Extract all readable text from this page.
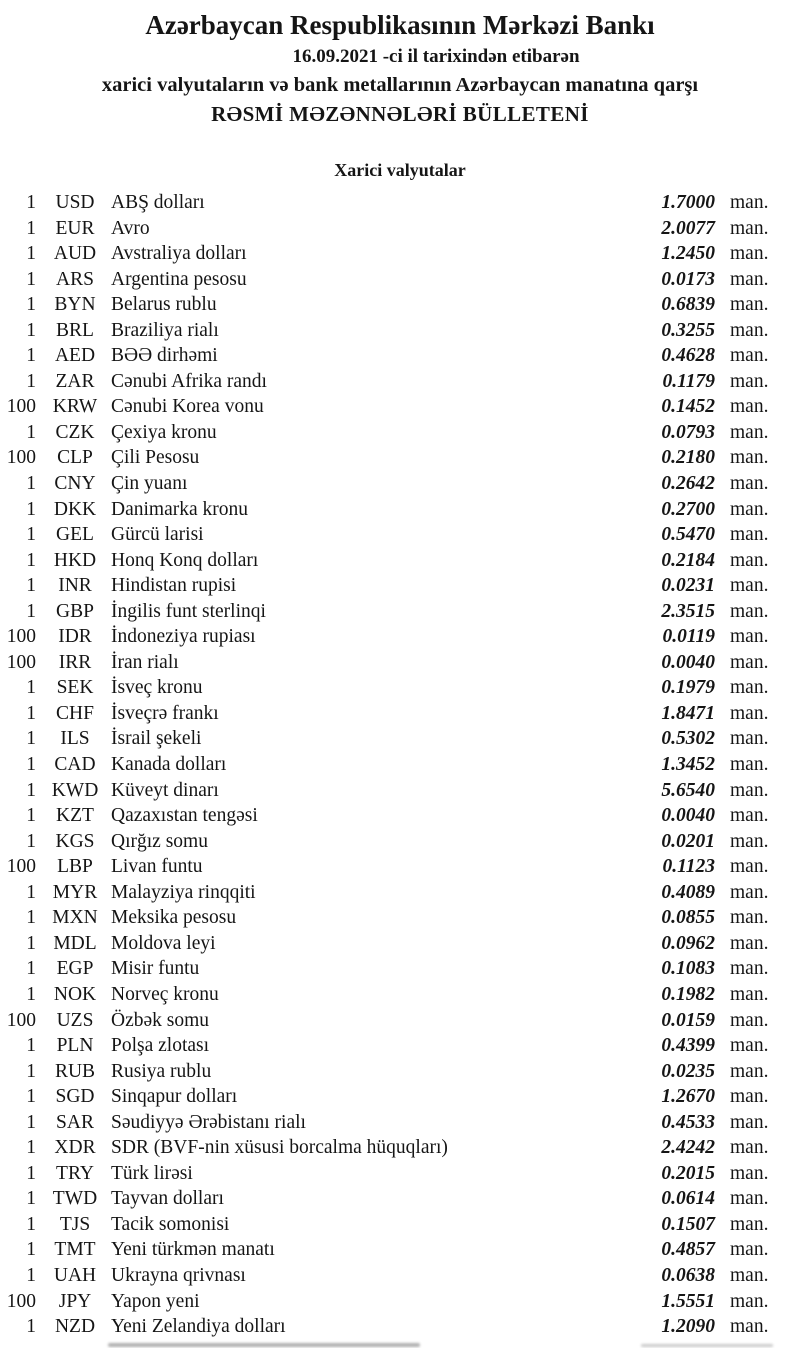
Azərbaycan Respublikasının Mərkəzi Bankı
16.09.2021 -ci il tarixindən etibarən
xarici valyutaların və bank metallarının Azərbaycan manatına qarşı
RƏSMİ MƏZƏNNƏLƏRİ BÜLLETENİ
Xarici valyutalar
1 USD ABŞ dolları	1.7000 man.
1	EUR Avro	2.0077 man.
1 AUD Avstraliya dolları	1.2450 man.
1	ARS Argentina pesosu	0.0173 man.
1 BYN Belarus rublu	0.6839 man.
1	BRL Braziliya rialı	0.3255 man.
1 AED BƏƏ dirhəmi	0.4628 man.
1	ZAR Cənubi Afrika randı	0.1179 man.
100 KRW Cənubi Korea vonu	0.1452 man.
1	CZK Çexiya kronu	0.0793 man.
100	CLP Çili Pesosu	0.2180 man.
1 CNY Çin yuanı	0.2642 man.
1 DKK Danimarka kronu	0.2700 man.
1	GEL Gürcü larisi	0.5470 man.
1 HKD Honq Konq dolları	0.2184 man.
1	INR Hindistan rupisi	0.0231 man.
1	GBP İngilis funt sterlinqi	2.3515 man.
100	IDR İndoneziya rupiası	0.0119 man.
100	IRR	İran rialı	0.0040 man.
1	SEK İsveç kronu	0.1979 man.
1	CHF İsveçrə frankı	1.8471 man.
1	ILS	İsrail şekeli	0.5302 man.
1 CAD Kanada dolları	1.3452 man.
1 KWD Küveyt dinarı	5.6540 man.
1	KZT Qazaxıstan tengəsi	0.0040 man.
1 KGS Qırğız somu	0.0201 man.
100	LBP Livan funtu	0.1123 man.
1 MYR Malayziya rinqqiti	0.4089 man.
1 MXN Meksika pesosu	0.0855 man.
1 MDL Moldova leyi	0.0962 man.
1	EGP Misir funtu	0.1083 man.
1 NOK Norveç kronu	0.1982 man.
100	UZS Özbək somu	0.0159 man.
1	PLN Polşa zlotası	0.4399 man.
1 RUB Rusiya rublu	0.0235 man.
1 SGD Sinqapur dolları	1.2670 man.
1	SAR Səudiyyə Ərəbistanı rialı	0.4533 man.
1 XDR SDR (BVF-nin xüsusi borcalma hüquqları)	2.4242 man.
1	TRY Türk lirəsi	0.2015 man.
1 TWD Tayvan dolları	0.0614 man.
1	TJS	Tacik somonisi	0.1507 man.
1 TMT Yeni türkmən manatı	0.4857 man.
1 UAH Ukrayna qrivnası	0.0638 man.
100	JPY	Yapon yeni	1.5551 man.
1 NZD Yeni Zelandiya dolları	1.2090 man.
